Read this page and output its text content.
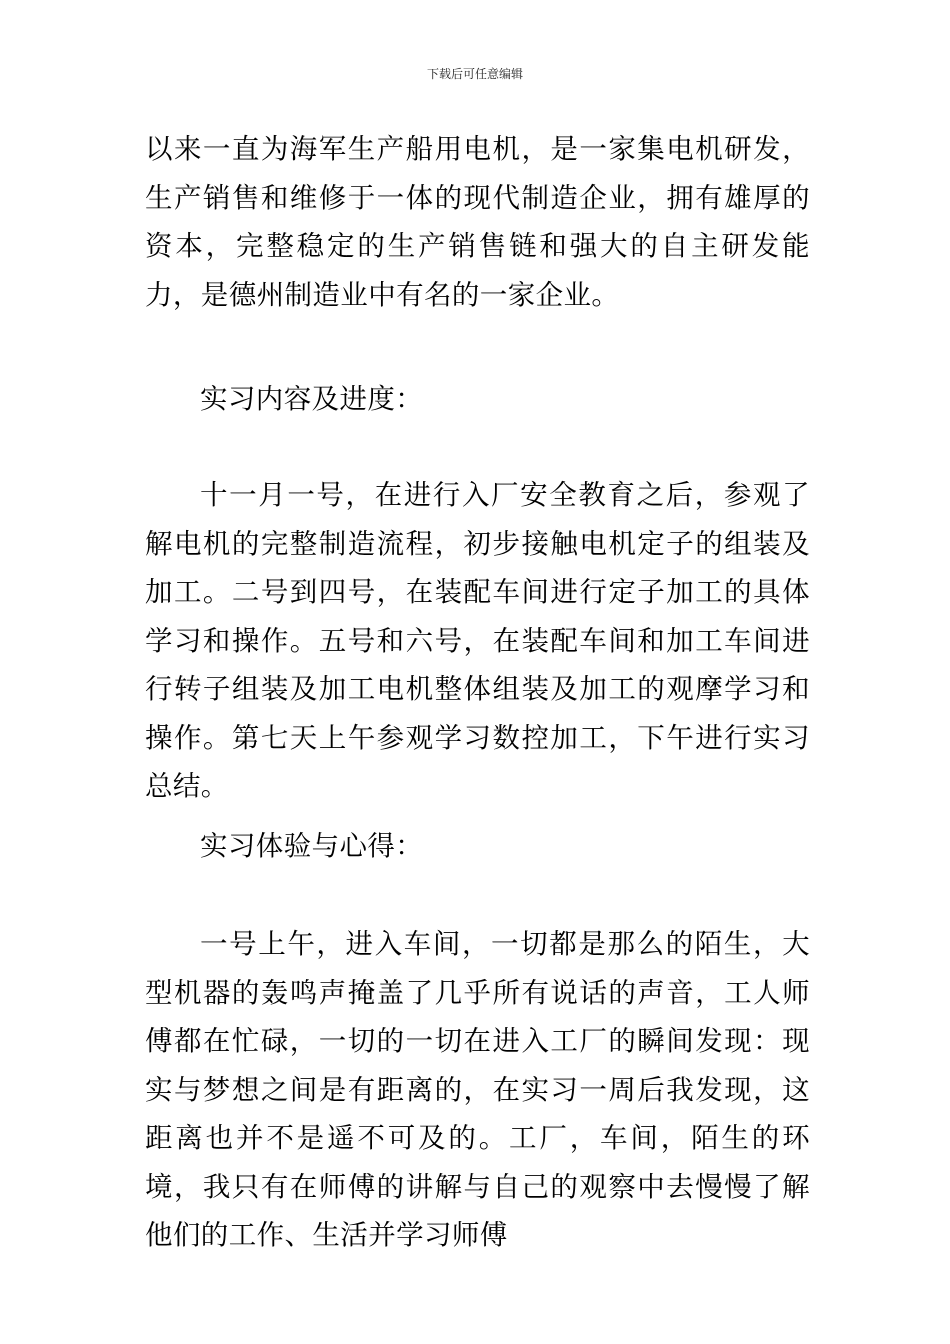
下载后可任意编辑

以来一直为海军生产船用电机，是一家集电机研发，生产销售和维修于一体的现代制造企业，拥有雄厚的资本，完整稳定的生产销售链和强大的自主研发能力，是德州制造业中有名的一家企业。

实习内容及进度：

十一月一号，在进行入厂安全教育之后，参观了解电机的完整制造流程，初步接触电机定子的组装及加工。二号到四号，在装配车间进行定子加工的具体学习和操作。五号和六号，在装配车间和加工车间进行转子组装及加工电机整体组装及加工的观摩学习和操作。第七天上午参观学习数控加工，下午进行实习总结。

实习体验与心得：

一号上午，进入车间，一切都是那么的陌生，大型机器的轰鸣声掩盖了几乎所有说话的声音，工人师傅都在忙碌，一切的一切在进入工厂的瞬间发现：现实与梦想之间是有距离的，在实习一周后我发现，这距离也并不是遥不可及的。工厂，车间，陌生的环境，我只有在师傅的讲解与自己的观察中去慢慢了解他们的工作、生活并学习师傅
